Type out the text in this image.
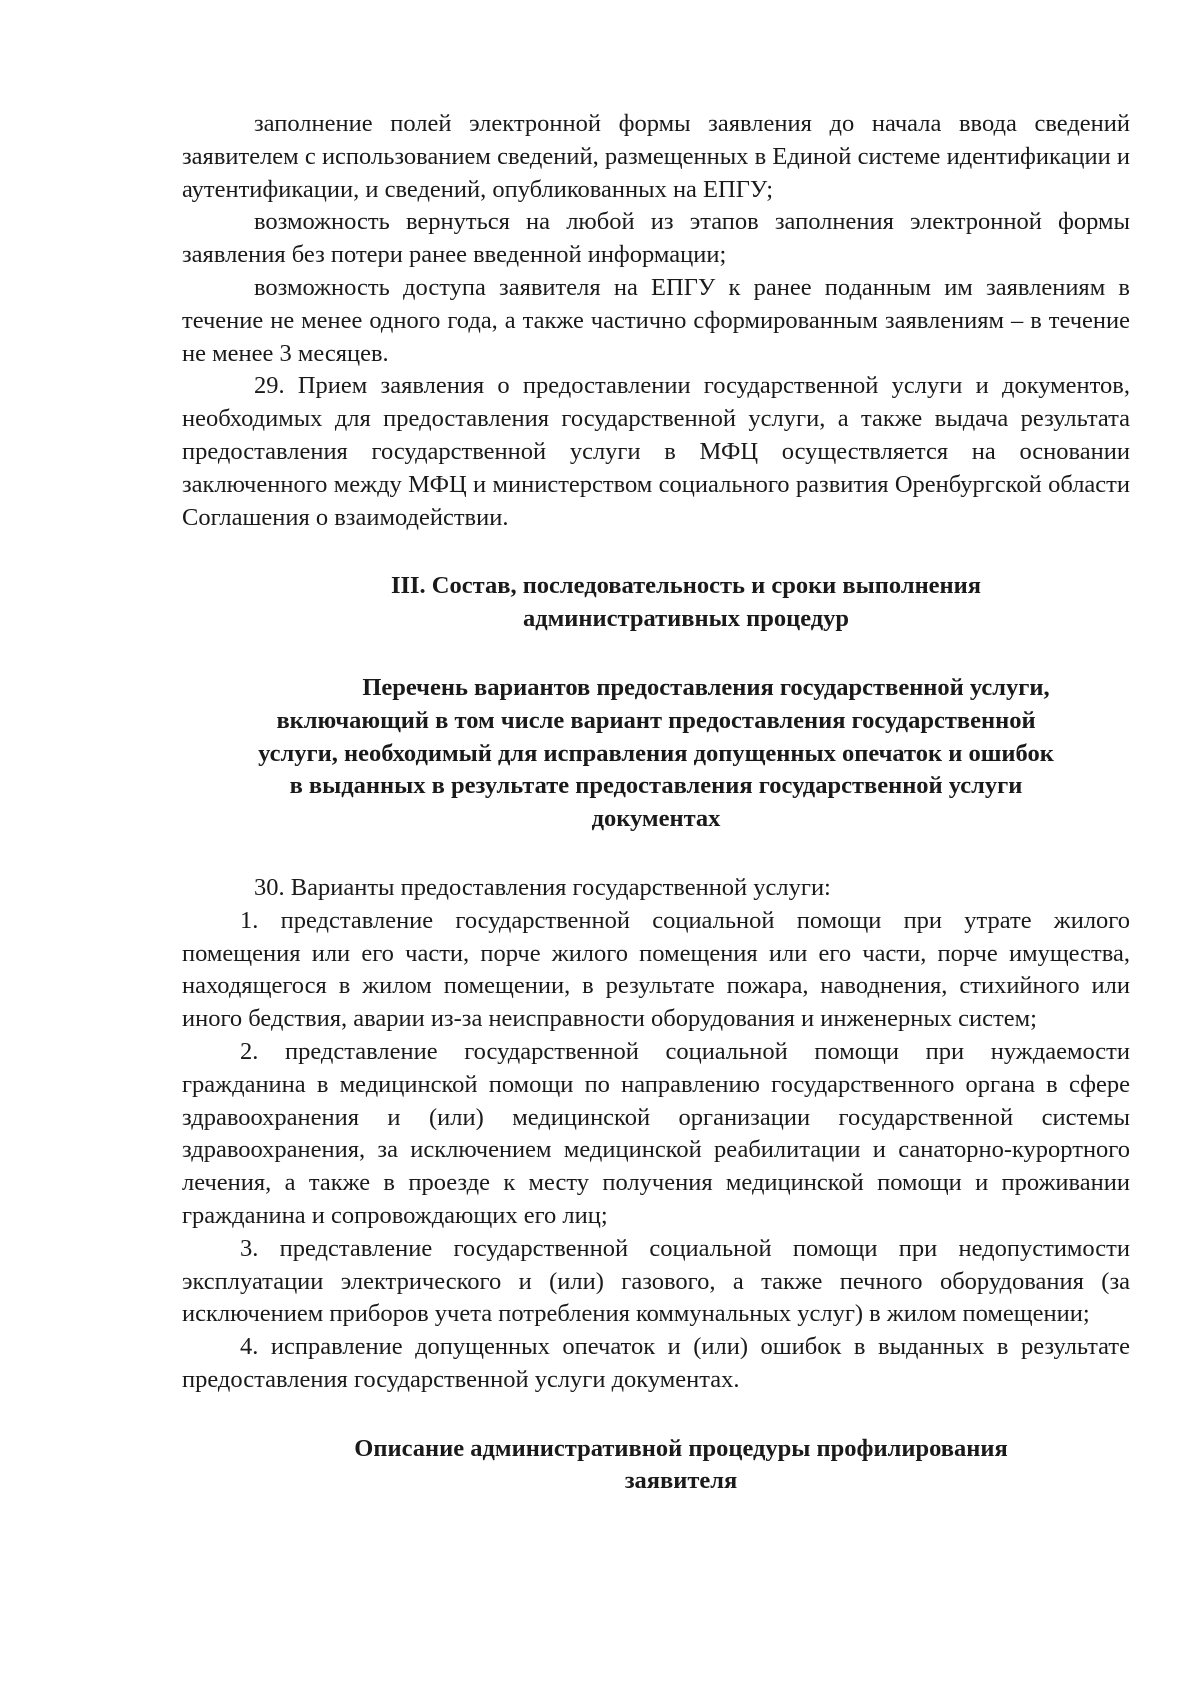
заполнение полей электронной формы заявления до начала ввода сведений заявителем с использованием сведений, размещенных в Единой системе идентификации и аутентификации, и сведений, опубликованных на ЕПГУ;

возможность вернуться на любой из этапов заполнения электронной формы заявления без потери ранее введенной информации;

возможность доступа заявителя на ЕПГУ к ранее поданным им заявлениям в течение не менее одного года, а также частично сформированным заявлениям – в течение не менее 3 месяцев.

29. Прием заявления о предоставлении государственной услуги и документов, необходимых для предоставления государственной услуги, а также выдача результата предоставления государственной услуги в МФЦ осуществляется на основании заключенного между МФЦ и министерством социального развития Оренбургской области Соглашения о взаимодействии.

III. Состав, последовательность и сроки выполнения

административных процедур

Перечень вариантов предоставления государственной услуги,

включающий в том числе вариант предоставления государственной

услуги, необходимый для исправления допущенных опечаток и ошибок

в выданных в результате предоставления государственной услуги

документах

30. Варианты предоставления государственной услуги:

1. представление государственной социальной помощи при утрате жилого помещения или его части, порче жилого помещения или его части, порче имущества, находящегося в жилом помещении, в результате пожара, наводнения, стихийного или иного бедствия, аварии из-за неисправности оборудования и инженерных систем;

2. представление государственной социальной помощи при нуждаемости гражданина в медицинской помощи по направлению государственного органа в сфере здравоохранения и (или) медицинской организации государственной системы здравоохранения, за исключением медицинской реабилитации и санаторно-курортного лечения, а также в проезде к месту получения медицинской помощи и проживании гражданина и сопровождающих его лиц;

3. представление государственной социальной помощи при недопустимости эксплуатации электрического и (или) газового, а также печного оборудования (за исключением приборов учета потребления коммунальных услуг) в жилом помещении;

4. исправление допущенных опечаток и (или) ошибок в выданных в результате предоставления государственной услуги документах.

Описание административной процедуры профилирования

заявителя
